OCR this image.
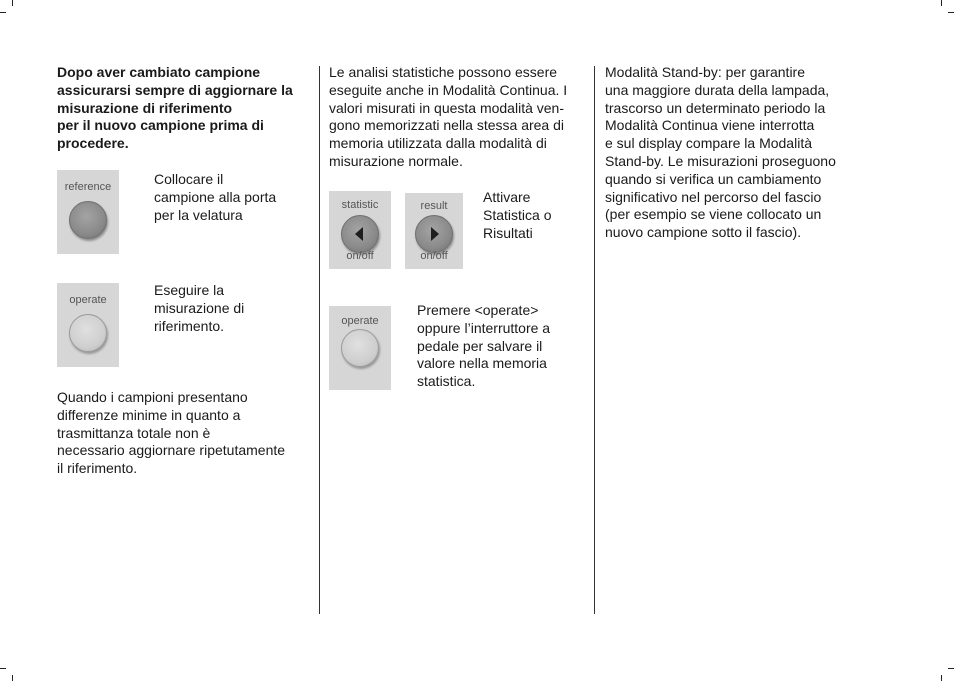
Dopo aver cambiato campione
assicurarsi sempre di aggiornare la
misurazione di riferimento
per il nuovo campione prima di
procedere.
reference	Collocare il
campione alla porta
per la velatura
operate
Eseguire la
misurazione di
riferimento.
Quando i campioni presentano
differenze minime in quanto a
trasmittanza totale non è
necessario aggiornare ripetutamente
il riferimento.
Le analisi statistiche possono essere
eseguite anche in Modalità Continua. I
valori misurati in questa modalità ven-
gono memorizzati nella stessa area di
memoria utilizzata dalla modalità di
misurazione normale.
statistic
on/off
result
on/off
Attivare
Statistica o
Risultati
operate
Premere <operate>
oppure l’interruttore a
pedale per salvare il
valore nella memoria
statistica.
Modalità Stand-by: per garantire
una maggiore durata della lampada,
trascorso un determinato periodo la
Modalità Continua viene interrotta
e sul display compare la Modalità
Stand-by. Le misurazioni proseguono
quando si verifica un cambiamento
significativo nel percorso del fascio
(per esempio se viene collocato un
nuovo campione sotto il fascio).
